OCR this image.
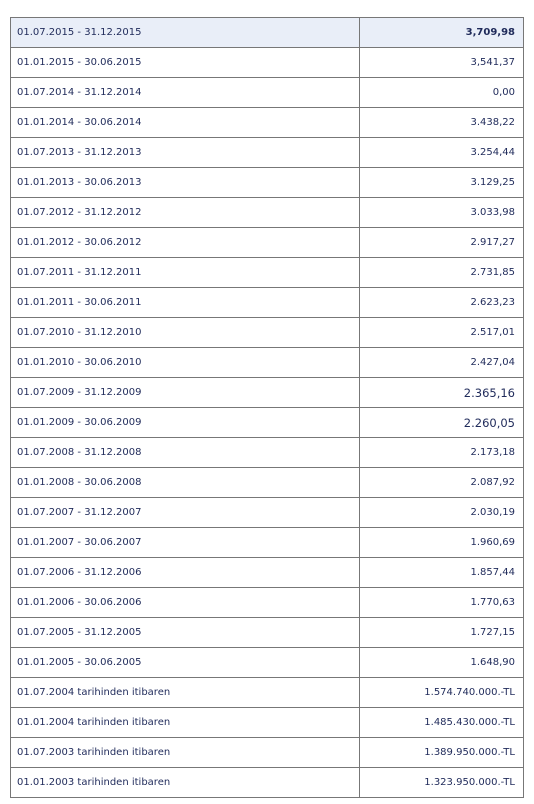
01.07.2015 - 31.12.2015	3,709,98
01.01.2015 - 30.06.2015	3,541,37
01.07.2014 - 31.12.2014	0,00
01.01.2014 - 30.06.2014	3.438,22
01.07.2013 - 31.12.2013	3.254,44
01.01.2013 - 30.06.2013	3.129,25
01.07.2012 - 31.12.2012	3.033,98
01.01.2012 - 30.06.2012	2.917,27
01.07.2011 - 31.12.2011	2.731,85
01.01.2011 - 30.06.2011	2.623,23
01.07.2010 - 31.12.2010	2.517,01
01.01.2010 - 30.06.2010	2.427,04
01.07.2009 - 31.12.2009	2.365,16
01.01.2009 - 30.06.2009	2.260,05
01.07.2008 - 31.12.2008	2.173,18
01.01.2008 - 30.06.2008	2.087,92
01.07.2007 - 31.12.2007	2.030,19
01.01.2007 - 30.06.2007	1.960,69
01.07.2006 - 31.12.2006	1.857,44
01.01.2006 - 30.06.2006	1.770,63
01.07.2005 - 31.12.2005	1.727,15
01.01.2005 - 30.06.2005	1.648,90
01.07.2004 tarihinden itibaren	1.574.740.000.-TL
01.01.2004 tarihinden itibaren	1.485.430.000.-TL
01.07.2003 tarihinden itibaren	1.389.950.000.-TL
01.01.2003 tarihinden itibaren	1.323.950.000.-TL
